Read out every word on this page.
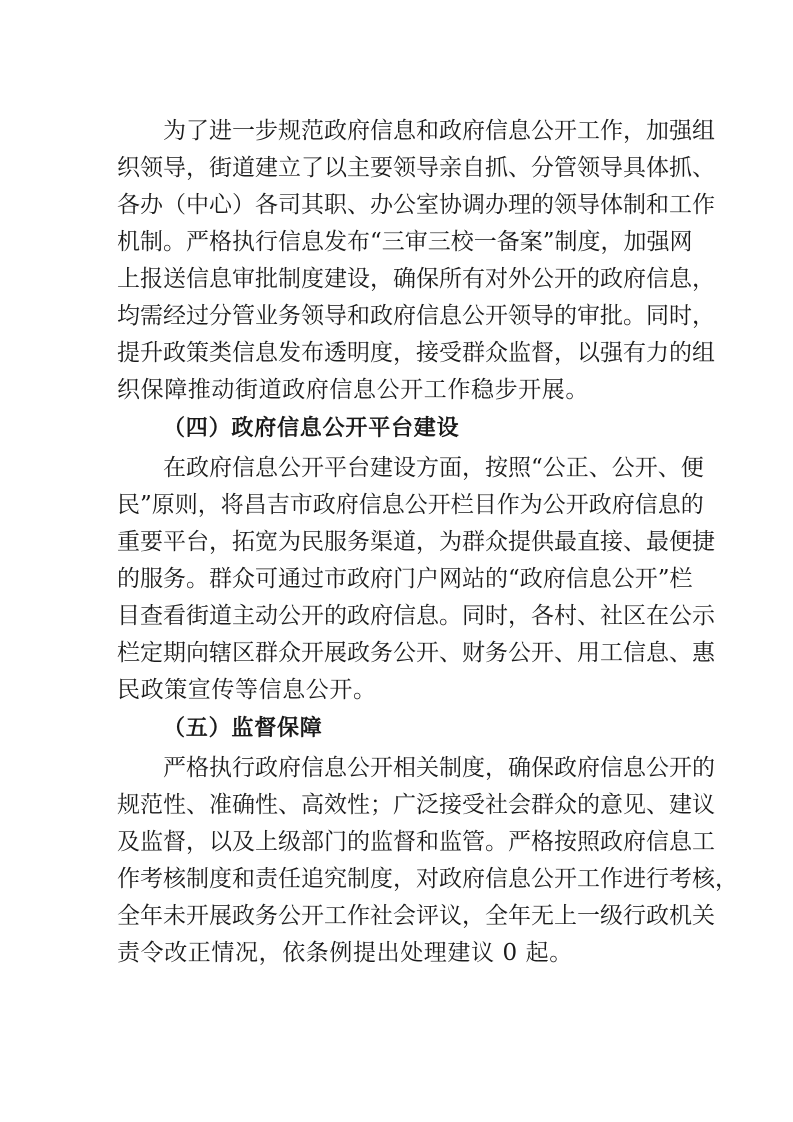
为了进一步规范政府信息和政府信息公开工作，加强组
织领导，街道建立了以主要领导亲自抓、分管领导具体抓、
各办（中心）各司其职、办公室协调办理的领导体制和工作
机制。严格执行信息发布“三审三校一备案”制度，加强网
上报送信息审批制度建设，确保所有对外公开的政府信息，
均需经过分管业务领导和政府信息公开领导的审批。同时，
提升政策类信息发布透明度，接受群众监督，以强有力的组
织保障推动街道政府信息公开工作稳步开展。
（四）政府信息公开平台建设
在政府信息公开平台建设方面，按照“公正、公开、便
民”原则，将昌吉市政府信息公开栏目作为公开政府信息的
重要平台，拓宽为民服务渠道，为群众提供最直接、最便捷
的服务。群众可通过市政府门户网站的“政府信息公开”栏
目查看街道主动公开的政府信息。同时，各村、社区在公示
栏定期向辖区群众开展政务公开、财务公开、用工信息、惠
民政策宣传等信息公开。
（五）监督保障
严格执行政府信息公开相关制度，确保政府信息公开的
规范性、准确性、高效性；广泛接受社会群众的意见、建议
及监督，以及上级部门的监督和监管。严格按照政府信息工
作考核制度和责任追究制度，对政府信息公开工作进行考核，
全年未开展政务公开工作社会评议，全年无上一级行政机关
责令改正情况，依条例提出处理建议 0 起。
